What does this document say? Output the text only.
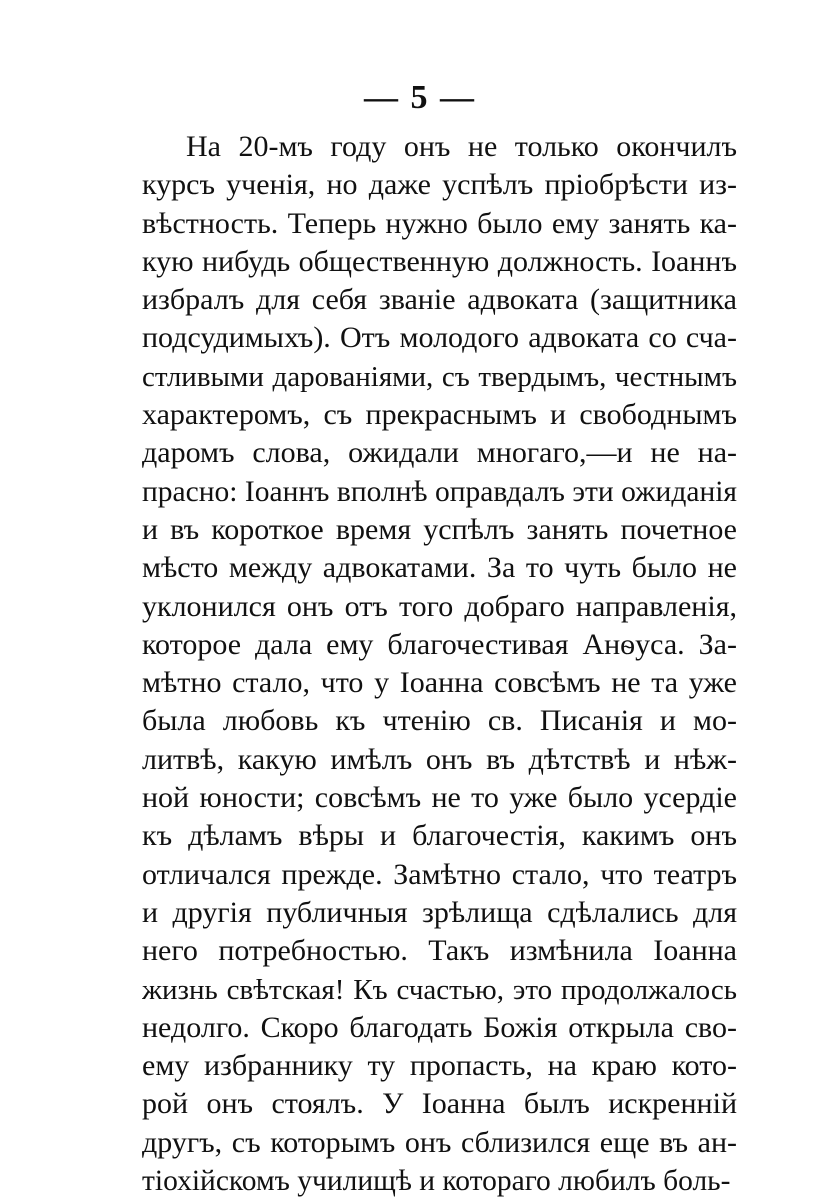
— 5 —
На 20-мъ году онъ не только окончилъ
курсъ ученія, но даже успѣлъ пріобрѣсти из-
вѣстность. Теперь нужно было ему занять ка-
кую нибудь общественную должность. Іоаннъ
избралъ для себя званіе адвоката (защитника
подсудимыхъ). Отъ молодого адвоката со сча-
стливыми дарованіями, съ твердымъ, честнымъ
характеромъ, съ прекраснымъ и свободнымъ
даромъ слова, ожидали многаго,—и не на-
прасно: Іоаннъ вполнѣ оправдалъ эти ожиданія
и въ короткое время успѣлъ занять почетное
мѣсто между адвокатами. За то чуть было не
уклонился онъ отъ того добраго направленія,
которое дала ему благочестивая Анѳуса. За-
мѣтно стало, что у Іоанна совсѣмъ не та уже
была любовь къ чтенію св. Писанія и мо-
литвѣ, какую имѣлъ онъ въ дѣтствѣ и нѣж-
ной юности; совсѣмъ не то уже было усердіе
къ дѣламъ вѣры и благочестія, какимъ онъ
отличался прежде. Замѣтно стало, что театръ
и другія публичныя зрѣлища сдѣлались для
него потребностью. Такъ измѣнила Іоанна
жизнь свѣтская! Къ счастью, это продолжалось
недолго. Скоро благодать Божія открыла сво-
ему избраннику ту пропасть, на краю кото-
рой онъ стоялъ. У Іоанна былъ искренній
другъ, съ которымъ онъ сблизился еще въ ан-
тіохійскомъ училищѣ и котораго любилъ боль-
